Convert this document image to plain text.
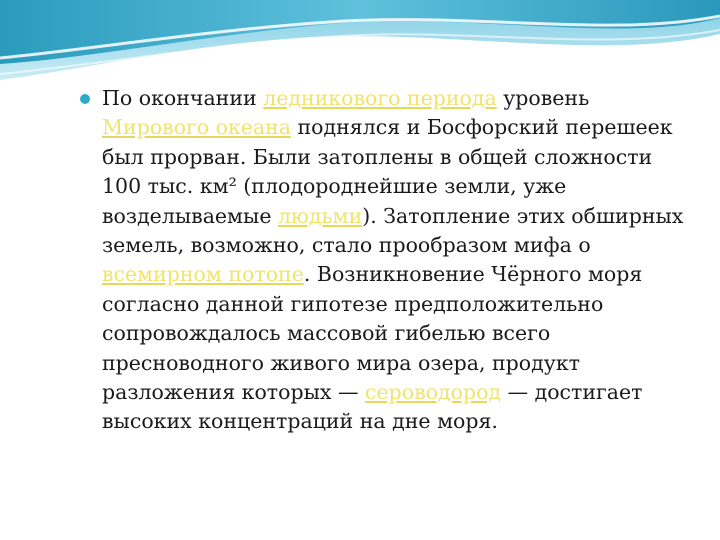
По окончании ледникового периода уровень Мирового океана поднялся и Босфорский перешеек был прорван. Были затоплены в общей сложности 100 тыс. км² (плодороднейшие земли, уже возделываемые людьми). Затопление этих обширных земель, возможно, стало прообразом мифа о всемирном потопе. Возникновение Чёрного моря согласно данной гипотезе предположительно сопровождалось массовой гибелью всего пресноводного живого мира озера, продукт разложения которых — сероводород — достигает высоких концентраций на дне моря.
